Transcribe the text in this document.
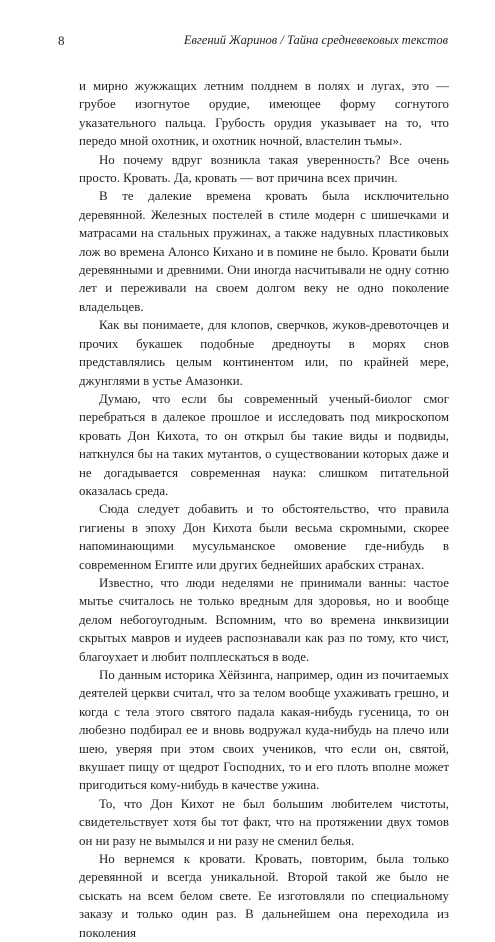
8	Евгений Жаринов / Тайна средневековых текстов

и мирно жужжащих летним полднем в полях и лугах, это — грубое изогнутое орудие, имеющее форму согнутого указательного пальца. Грубость орудия указывает на то, что передо мной охотник, и охотник ночной, властелин тьмы».

Но почему вдруг возникла такая уверенность? Все очень просто. Кровать. Да, кровать — вот причина всех причин.

В те далекие времена кровать была исключительно деревянной. Железных постелей в стиле модерн с шишечками и матрасами на стальных пружинах, а также надувных пластиковых лож во времена Алонсо Кихано и в помине не было. Кровати были деревянными и древними. Они иногда насчитывали не одну сотню лет и переживали на своем долгом веку не одно поколение владельцев.

Как вы понимаете, для клопов, сверчков, жуков-древоточцев и прочих букашек подобные дредноуты в морях снов представлялись целым континентом или, по крайней мере, джунглями в устье Амазонки.

Думаю, что если бы современный ученый-биолог смог перебраться в далекое прошлое и исследовать под микроскопом кровать Дон Кихота, то он открыл бы такие виды и подвиды, наткнулся бы на таких мутантов, о существовании которых даже и не догадывается современная наука: слишком питательной оказалась среда.

Сюда следует добавить и то обстоятельство, что правила гигиены в эпоху Дон Кихота были весьма скромными, скорее напоминающими мусульманское омовение где-нибудь в современном Египте или других беднейших арабских странах.

Известно, что люди неделями не принимали ванны: частое мытье считалось не только вредным для здоровья, но и вообще делом небогоугодным. Вспомним, что во времена инквизиции скрытых мавров и иудеев распознавали как раз по тому, кто чист, благоухает и любит полплескаться в воде.

По данным историка Хёйзинга, например, один из почитаемых деятелей церкви считал, что за телом вообще ухаживать грешно, и когда с тела этого святого падала какая-нибудь гусеница, то он любезно подбирал ее и вновь водружал куда-нибудь на плечо или шею, уверяя при этом своих учеников, что если он, святой, вкушает пищу от щедрот Господних, то и его плоть вполне может пригодиться кому-нибудь в качестве ужина.

То, что Дон Кихот не был большим любителем чистоты, свидетельствует хотя бы тот факт, что на протяжении двух томов он ни разу не вымылся и ни разу не сменил белья.

Но вернемся к кровати. Кровать, повторим, была только деревянной и всегда уникальной. Второй такой же было не сыскать на всем белом свете. Ее изготовляли по специальному заказу и только один раз. В дальнейшем она переходила из поколения
